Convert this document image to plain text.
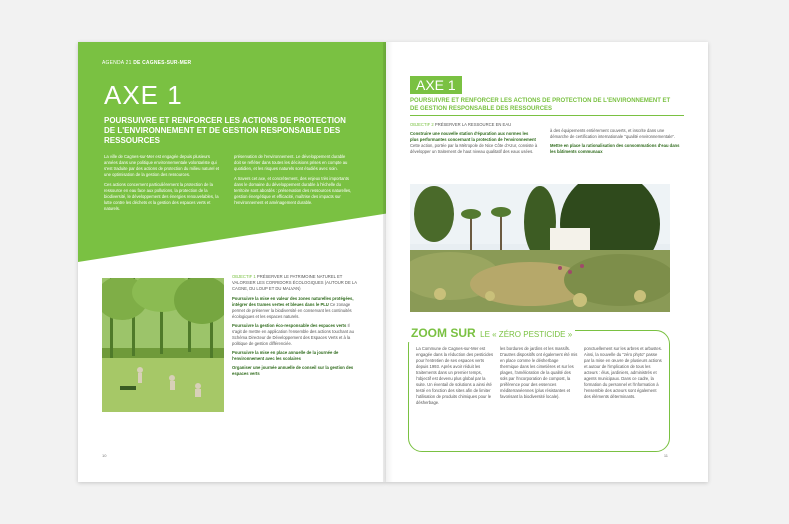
AGENDA 21 DE CAGNES-SUR-MER
AXE 1
POURSUIVRE ET RENFORCER LES ACTIONS DE PROTECTION DE L'ENVIRONNEMENT ET DE GESTION RESPONSABLE DES RESSOURCES
La ville de Cagnes-sur-Mer est engagée depuis plusieurs années dans une politique environnementale volontariste qui s'est traduite par des actions de protection du milieu naturel et une optimisation de la gestion des ressources.
Ces actions concernent particulièrement la protection de la ressource en eau face aux pollutions, la protection de la biodiversité, le développement des énergies renouvelables, la lutte contre les déchets et la gestion des espaces verts et naturels.
préservation de l'environnement. Le développement durable doit se refléter dans toutes les décisions prises en compte au quotidien, et les risques naturels sont étudiés avec soin.
A travers cet axe, et concrètement, des enjeux très importants dans le domaine du développement durable à l'échelle du territoire sont abordés : préservation des ressources naturelles, gestion énergétique et efficacité, maîtrise des impacts sur l'environnement et aménagement durable.
OBJECTIF 1 PRÉSERVER LE PATRIMOINE NATUREL ET VALORISER LES CORRIDORS ÉCOLOGIQUES (AUTOUR DE LA CAGNE, DU LOUP ET DU MALVAN)
Poursuivre la mise en valeur des zones naturelles protégées, intégrer des trames vertes et bleues dans le PLU Ce zonage permet de préserver la biodiversité en conservant les continuités écologiques et les espaces naturels.
Poursuivre la gestion éco-responsable des espaces verts Il s'agit de mettre en application l'ensemble des actions touchant au Schéma Directeur de Développement des Espaces Verts et à la politique de gestion différenciée.
Poursuivre la mise en place annuelle de la journée de l'environnement avec les scolaires
Organiser une journée annuelle de conseil sur la gestion des espaces verts
10
AXE 1
POURSUIVRE ET RENFORCER LES ACTIONS DE PROTECTION DE L'ENVIRONNEMENT ET DE GESTION RESPONSABLE DES RESSOURCES
OBJECTIF 2 PRÉSERVER LA RESSOURCE EN EAU
Construire une nouvelle station d'épuration aux normes les plus performantes concernant la protection de l'environnement Cette action, portée par la Métropole de Nice Côte d'Azur, consiste à développer un traitement de haut niveau qualitatif des eaux usées.
à des équipements entièrement couverts, et inscrite dans une démarche de certification internationale "qualité environnementale".
Mettre en place la rationalisation des consommations d'eau dans les bâtiments communaux
ZOOM SUR LE « ZÉRO PESTICIDE »
La Commune de Cagnes-sur-Mer est engagée dans la réduction des pesticides pour l'entretien de ses espaces verts depuis 1993. Après avoir réduit les traitements dans un premier temps, l'objectif est devenu plus global par la suite. Un éventail de solutions a ainsi été testé en fonction des sites afin de limiter l'utilisation de produits chimiques pour le désherbage.
les bordures de jardins et les massifs. D'autres dispositifs ont également été mis en place comme le désherbage thermique dans les cimetières et sur les plages, l'amélioration de la qualité des sols par l'incorporation de compost, la préférence pour des essences méditerranéennes (plus résistantes et favorisant la biodiversité locale).
ponctuellement sur les arbres et arbustes. Ainsi, la nouvelle du "zéro phyto" passe par la mise en œuvre de plusieurs actions et autour de l'implication de tous les acteurs : élus, jardiniers, administrés et agents municipaux. Dans ce cadre, la formation du personnel et l'information à l'ensemble des acteurs sont également des éléments déterminants.
11
